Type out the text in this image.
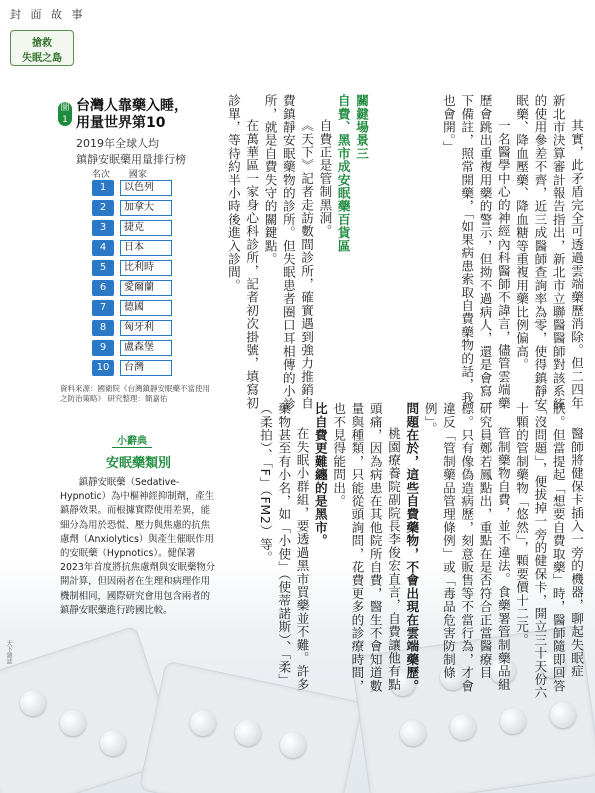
封 面 故 事
搶救
失眠之島

其實，此矛盾完全可透過雲端藥歷消除。但二四年新北市決算審計報告指出，新北市立聯醫醫師對該系統的使用參差不齊，近三成醫師查詢率為零，使得鎮靜安眠藥、降血壓藥、降血糖等重複用藥比例偏高。

一名醫學中心的神經內科醫師不諱言，儘管雲端藥歷會跳出重複用藥的警示，但拗不過病人，還是會寫一下備註，照常開藥，「如果病患索取自費藥物的話，我也會開。」

關鍵場景三

自費、黑市成安眠藥百貨區

自費正是管制黑洞。

《天下》記者走訪數間診所，確實遇到強力推銷自費鎮靜安眠藥物的診所。但失眠患者圈口耳相傳的小診所，就是自費失守的關鍵點。

在萬華區一家身心科診所，記者初次掛號，填寫初診單，等待約半小時後進入診間。

醫師將健保卡插入一旁的機器，聊起失眠症狀。但當提起「想要自費取藥」時，醫師隨即回答「沒問題」，便拔掉一旁的健保卡，開立三十天份六十顆的管制藥物「悠然」，顆要價十二元。

管制藥物自費，並不違法。食藥署管制藥品組研究員鄭若鳳點出，重點在是否符合正當醫療目標。只有像偽造病歷，刻意販售等不當行為，才會違反「管制藥品管理條例」或「毒品危害防制條例」。

問題在於，這些自費藥物，不會出現在雲端藥歷。

桃園療養院副院長李俊宏直言，自費讓他有點頭痛，因為病患在其他院所自費，醫生不會知道數量與種類，只能從頭詢問，花費更多的診療時間，也不見得能問出。

比自費更難纏的是黑市。

在失眠小群組，要透過黑市買藥並不難。許多藥物甚至有小名，如「小使」（使蒂諾斯）、「柔」（柔拍）、「F」（FM2）等。

圖1
台灣人靠藥入睡，
用量世界第10
2019年全球人均
鎮靜安眠藥用量排行榜
名次 國家
1	以色列
2	加拿大
3	捷克
4	日本
5	比利時
6	愛爾蘭
7	德國
8	匈牙利
9	盧森堡
10	台灣
資料來源：國衛院《台灣鎮靜安眠藥不當使用之防治策略》 研究整理：簡嘉佑
小辭典
安眠藥類別
鎮靜安眠藥（Sedative-Hypnotic）為中樞神經抑制劑，產生鎮靜效果。而根據實際使用差異，能細分為用於恐慌、壓力與焦慮的抗焦慮劑（Anxiolytics）與產生催眠作用的安眠藥（Hypnotics）。健保署2023年首度將抗焦慮劑與安眠藥物分開計算，但因兩者在生理和病理作用機制相同，國際研究會用包含兩者的鎮靜安眠藥進行跨國比較。
天下雜誌
